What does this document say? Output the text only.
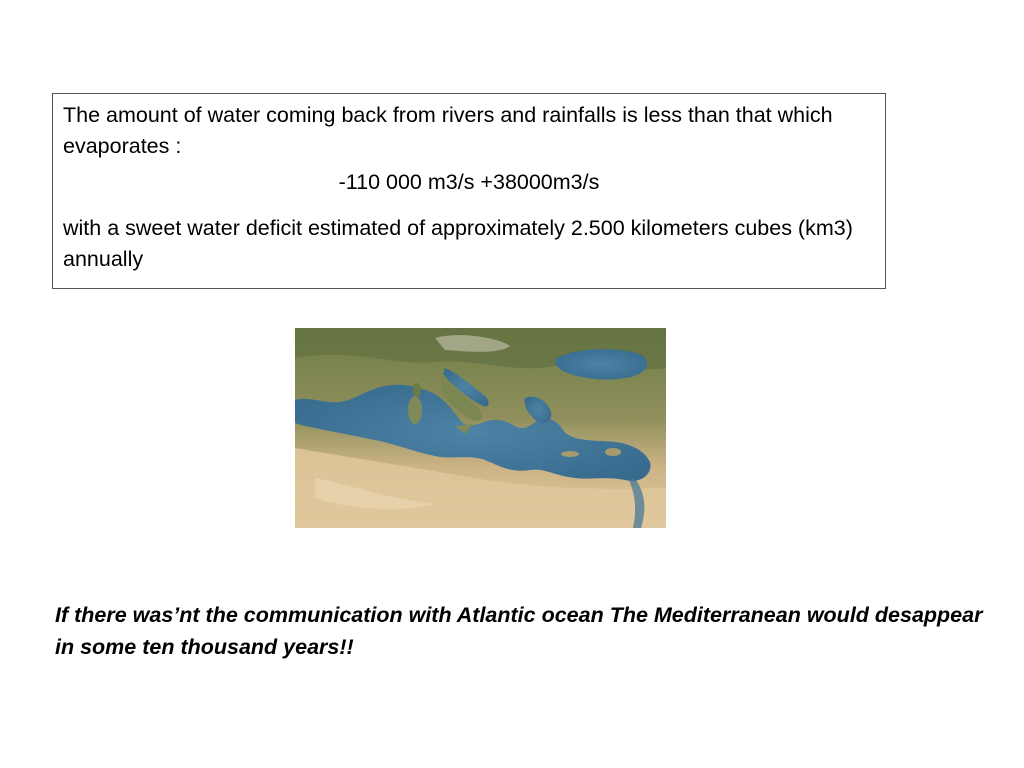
The amount of water coming back from rivers and rainfalls is less than that which evaporates :

-110 000 m3/s +38000m3/s

with a sweet water deficit estimated of approximately 2.500 kilometers cubes (km3) annually

If there was’nt the communication with Atlantic ocean The Mediterranean would desappear in some ten thousand years!!
